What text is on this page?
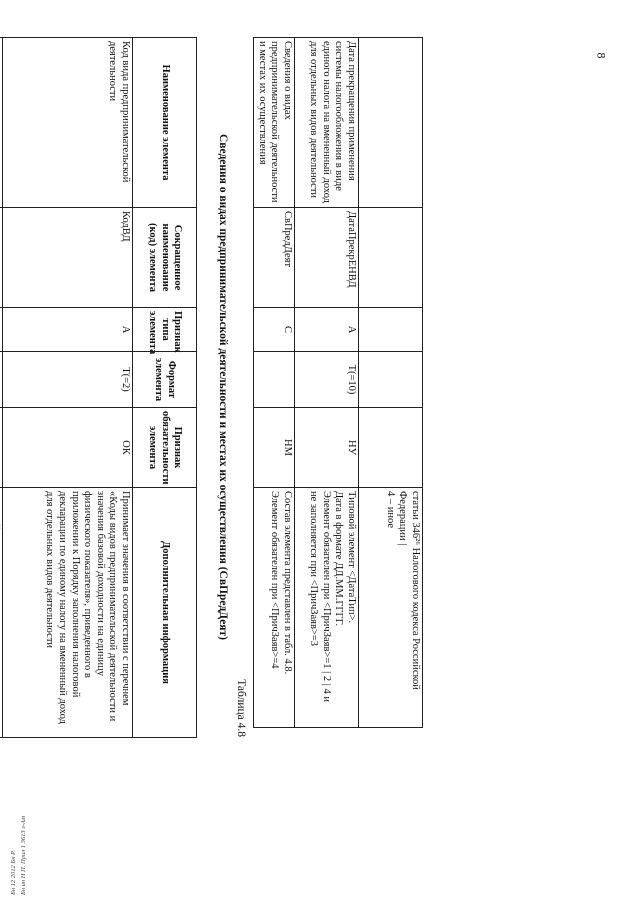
8
					статьи 346²⁶ Налогового кодекса Российской Федерации |
4 – иное
Дата прекращения применения системы налогообложения в виде единого налога на вмененный доход для отдельных видов деятельности	ДатаПрекрЕНВД	А	T(=10)	НУ	Типовой элемент <ДатаТип>.
Дата в формате ДД.ММ.ГГГГ.
Элемент обязателен при <ПричЗаяв>=1 | 2 | 4 и
не заполняется при <ПричЗаяв>=3
Сведения о видах предпринимательской деятельности и местах их осуществления	СвПредДеят	С		НМ	Состав элемента представлен в табл. 4.8.
Элемент обязателен при <ПричЗаяв>=4
Таблица 4.8
Сведения о видах предпринимательской деятельности и местах их осуществления (СвПредДеят)
Наименование элемента	Сокращенное наименование (код) элемента	Признак типа элемента	Формат элемента	Признак обязательности элемента	Дополнительная информация
Код вида предпринимательской деятельности	КодВД	А	T(=2)	ОК	Принимает значения в соответствии с перечнем «Коды видов предпринимательской деятельности и значения базовой доходности на единицу физического показателя», приведенного в приложении к Порядку заполнения налоговой декларации по единому налогу на вмененный доход для отдельных видов деятельности

Бн 12 2012 Бн Р. Бн ин Н П. Прил 1 3613 з-Ам
